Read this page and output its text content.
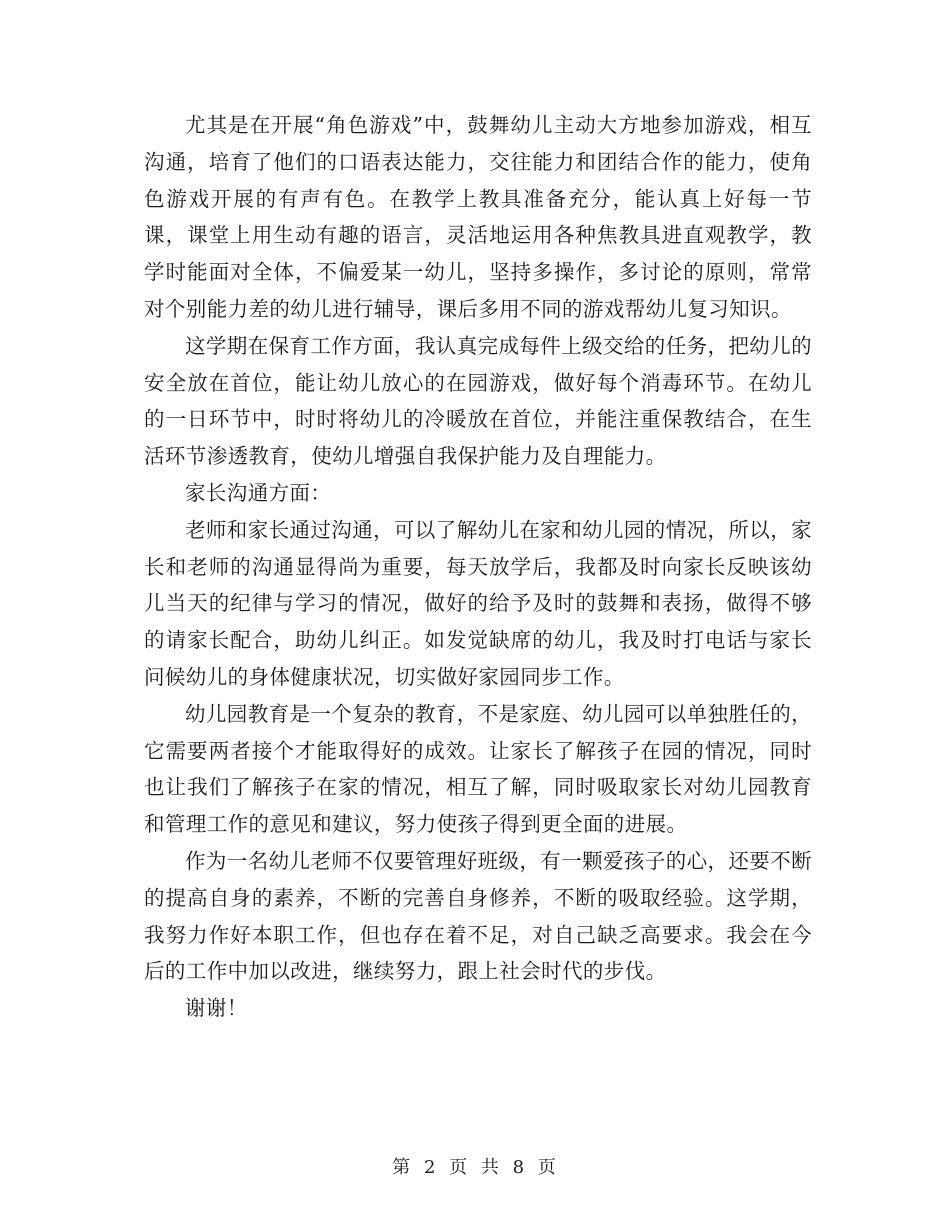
尤其是在开展“角色游戏”中，鼓舞幼儿主动大方地参加游戏，相互沟通，培育了他们的口语表达能力，交往能力和团结合作的能力，使角色游戏开展的有声有色。在教学上教具准备充分，能认真上好每一节课，课堂上用生动有趣的语言，灵活地运用各种焦教具进直观教学，教学时能面对全体，不偏爱某一幼儿，坚持多操作，多讨论的原则，常常对个别能力差的幼儿进行辅导，课后多用不同的游戏帮幼儿复习知识。

这学期在保育工作方面，我认真完成每件上级交给的任务，把幼儿的安全放在首位，能让幼儿放心的在园游戏，做好每个消毒环节。在幼儿的一日环节中，时时将幼儿的冷暖放在首位，并能注重保教结合，在生活环节渗透教育，使幼儿增强自我保护能力及自理能力。

家长沟通方面：

老师和家长通过沟通，可以了解幼儿在家和幼儿园的情况，所以，家长和老师的沟通显得尚为重要，每天放学后，我都及时向家长反映该幼儿当天的纪律与学习的情况，做好的给予及时的鼓舞和表扬，做得不够的请家长配合，助幼儿纠正。如发觉缺席的幼儿，我及时打电话与家长问候幼儿的身体健康状况，切实做好家园同步工作。

幼儿园教育是一个复杂的教育，不是家庭、幼儿园可以单独胜任的，它需要两者接个才能取得好的成效。让家长了解孩子在园的情况，同时也让我们了解孩子在家的情况，相互了解，同时吸取家长对幼儿园教育和管理工作的意见和建议，努力使孩子得到更全面的进展。

作为一名幼儿老师不仅要管理好班级，有一颗爱孩子的心，还要不断的提高自身的素养，不断的完善自身修养，不断的吸取经验。这学期，我努力作好本职工作，但也存在着不足，对自己缺乏高要求。我会在今后的工作中加以改进，继续努力，跟上社会时代的步伐。

谢谢！

第 2 页 共 8 页
